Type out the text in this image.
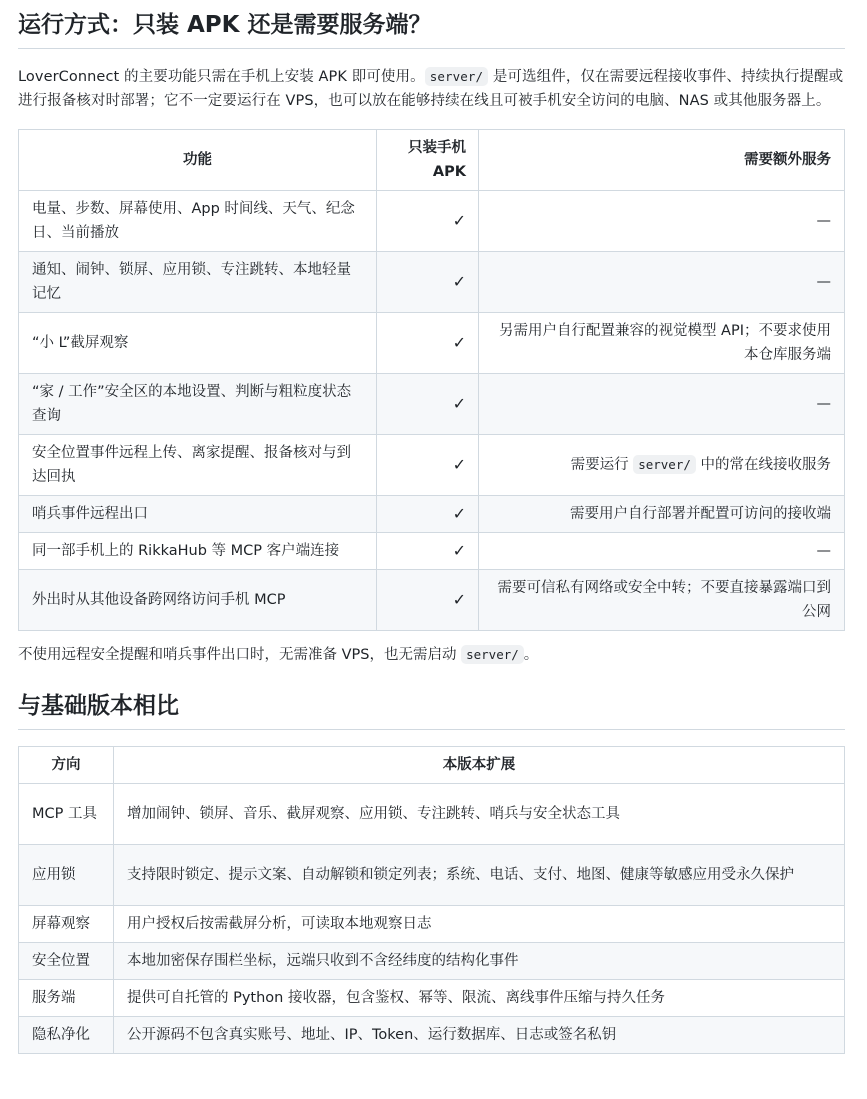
运行方式：只装 APK 还是需要服务端？

LoverConnect 的主要功能只需在手机上安装 APK 即可使用。 server/ 是可选组件，仅在需要远程接收事件、持续执行提醒或进行报备核对时部署；它不一定要运行在 VPS，也可以放在能够持续在线且可被手机安全访问的电脑、NAS 或其他服务器上。

功能	只装手机 APK	需要额外服务
电量、步数、屏幕使用、App 时间线、天气、纪念日、当前播放	✓	—
通知、闹钟、锁屏、应用锁、专注跳转、本地轻量记忆	✓	—
“小 L”截屏观察	✓	另需用户自行配置兼容的视觉模型 API；不要求使用本仓库服务端
“家 / 工作”安全区的本地设置、判断与粗粒度状态查询	✓	—
安全位置事件远程上传、离家提醒、报备核对与到达回执	✓	需要运行 server/ 中的常在线接收服务
哨兵事件远程出口	✓	需要用户自行部署并配置可访问的接收端
同一部手机上的 RikkaHub 等 MCP 客户端连接	✓	—
外出时从其他设备跨网络访问手机 MCP	✓	需要可信私有网络或安全中转；不要直接暴露端口到公网

不使用远程安全提醒和哨兵事件出口时，无需准备 VPS，也无需启动 server/ 。

与基础版本相比
方向	本版本扩展
MCP 工具	增加闹钟、锁屏、音乐、截屏观察、应用锁、专注跳转、哨兵与安全状态工具
应用锁	支持限时锁定、提示文案、自动解锁和锁定列表；系统、电话、支付、地图、健康等敏感应用受永久保护
屏幕观察	用户授权后按需截屏分析，可读取本地观察日志
安全位置	本地加密保存围栏坐标，远端只收到不含经纬度的结构化事件
服务端	提供可自托管的 Python 接收器，包含鉴权、幂等、限流、离线事件压缩与持久任务
隐私净化	公开源码不包含真实账号、地址、IP、Token、运行数据库、日志或签名私钥
